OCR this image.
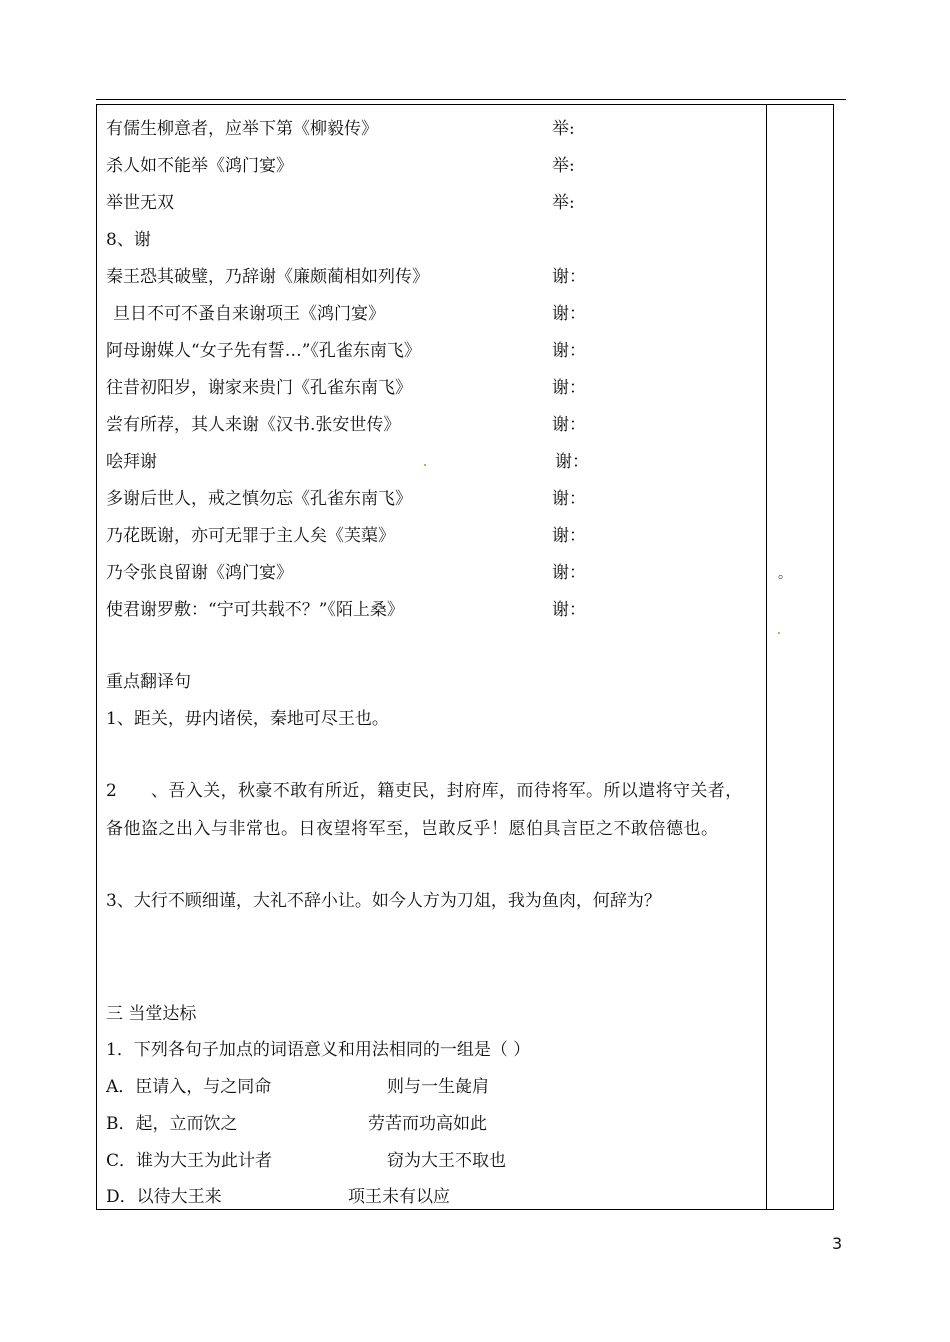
有儒生柳意者，应举下第《柳毅传》	举:
杀人如不能举《鸿门宴》	举:
举世无双	举:
8、谢
秦王恐其破璧，乃辞谢《廉颇蔺相如列传》	谢：
旦日不可不蚤自来谢项王《鸿门宴》	谢：
阿母谢媒人“女子先有誓…”《孔雀东南飞》	谢：
往昔初阳岁，谢家来贵门《孔雀东南飞》	谢：
尝有所荐，其人来谢《汉书.张安世传》	谢：
哙拜谢	谢：
多谢后世人，戒之慎勿忘《孔雀东南飞》	谢：
乃花既谢，亦可无罪于主人矣《芙蕖》	谢：
乃令张良留谢《鸿门宴》	谢：
使君谢罗敷：“宁可共载不？”《陌上桑》	谢：
重点翻译句
1、距关，毋内诸侯，秦地可尽王也。
2 、吾入关，秋豪不敢有所近，籍吏民，封府库，而待将军。所以遣将守关者，
备他盗之出入与非常也。日夜望将军至，岂敢反乎！愿伯具言臣之不敢倍德也。
3、大行不顾细谨，大礼不辞小让。如今人方为刀俎，我为鱼肉，何辞为？
三 当堂达标
1．下列各句子加点的词语意义和用法相同的一组是（ ）
A．臣请入，与之同命	则与一生彘肩
B．起，立而饮之	劳苦而功高如此
C．谁为大王为此计者	窃为大王不取也
D．以待大王来	项王未有以应
。
3
